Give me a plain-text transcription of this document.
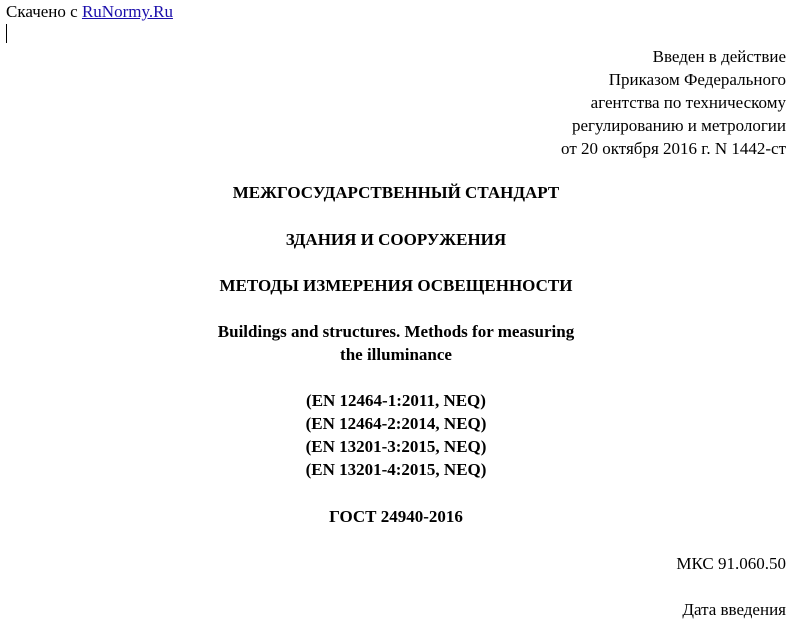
Скачено с RuNormy.Ru
Введен в действие
Приказом Федерального
агентства по техническому
регулированию и метрологии
от 20 октября 2016 г. N 1442-ст
МЕЖГОСУДАРСТВЕННЫЙ СТАНДАРТ
ЗДАНИЯ И СООРУЖЕНИЯ
МЕТОДЫ ИЗМЕРЕНИЯ ОСВЕЩЕННОСТИ
Buildings and structures. Methods for measuring
the illuminance
(EN 12464-1:2011, NEQ)
(EN 12464-2:2014, NEQ)
(EN 13201-3:2015, NEQ)
(EN 13201-4:2015, NEQ)
ГОСТ 24940-2016
МКС 91.060.50
Дата введения
